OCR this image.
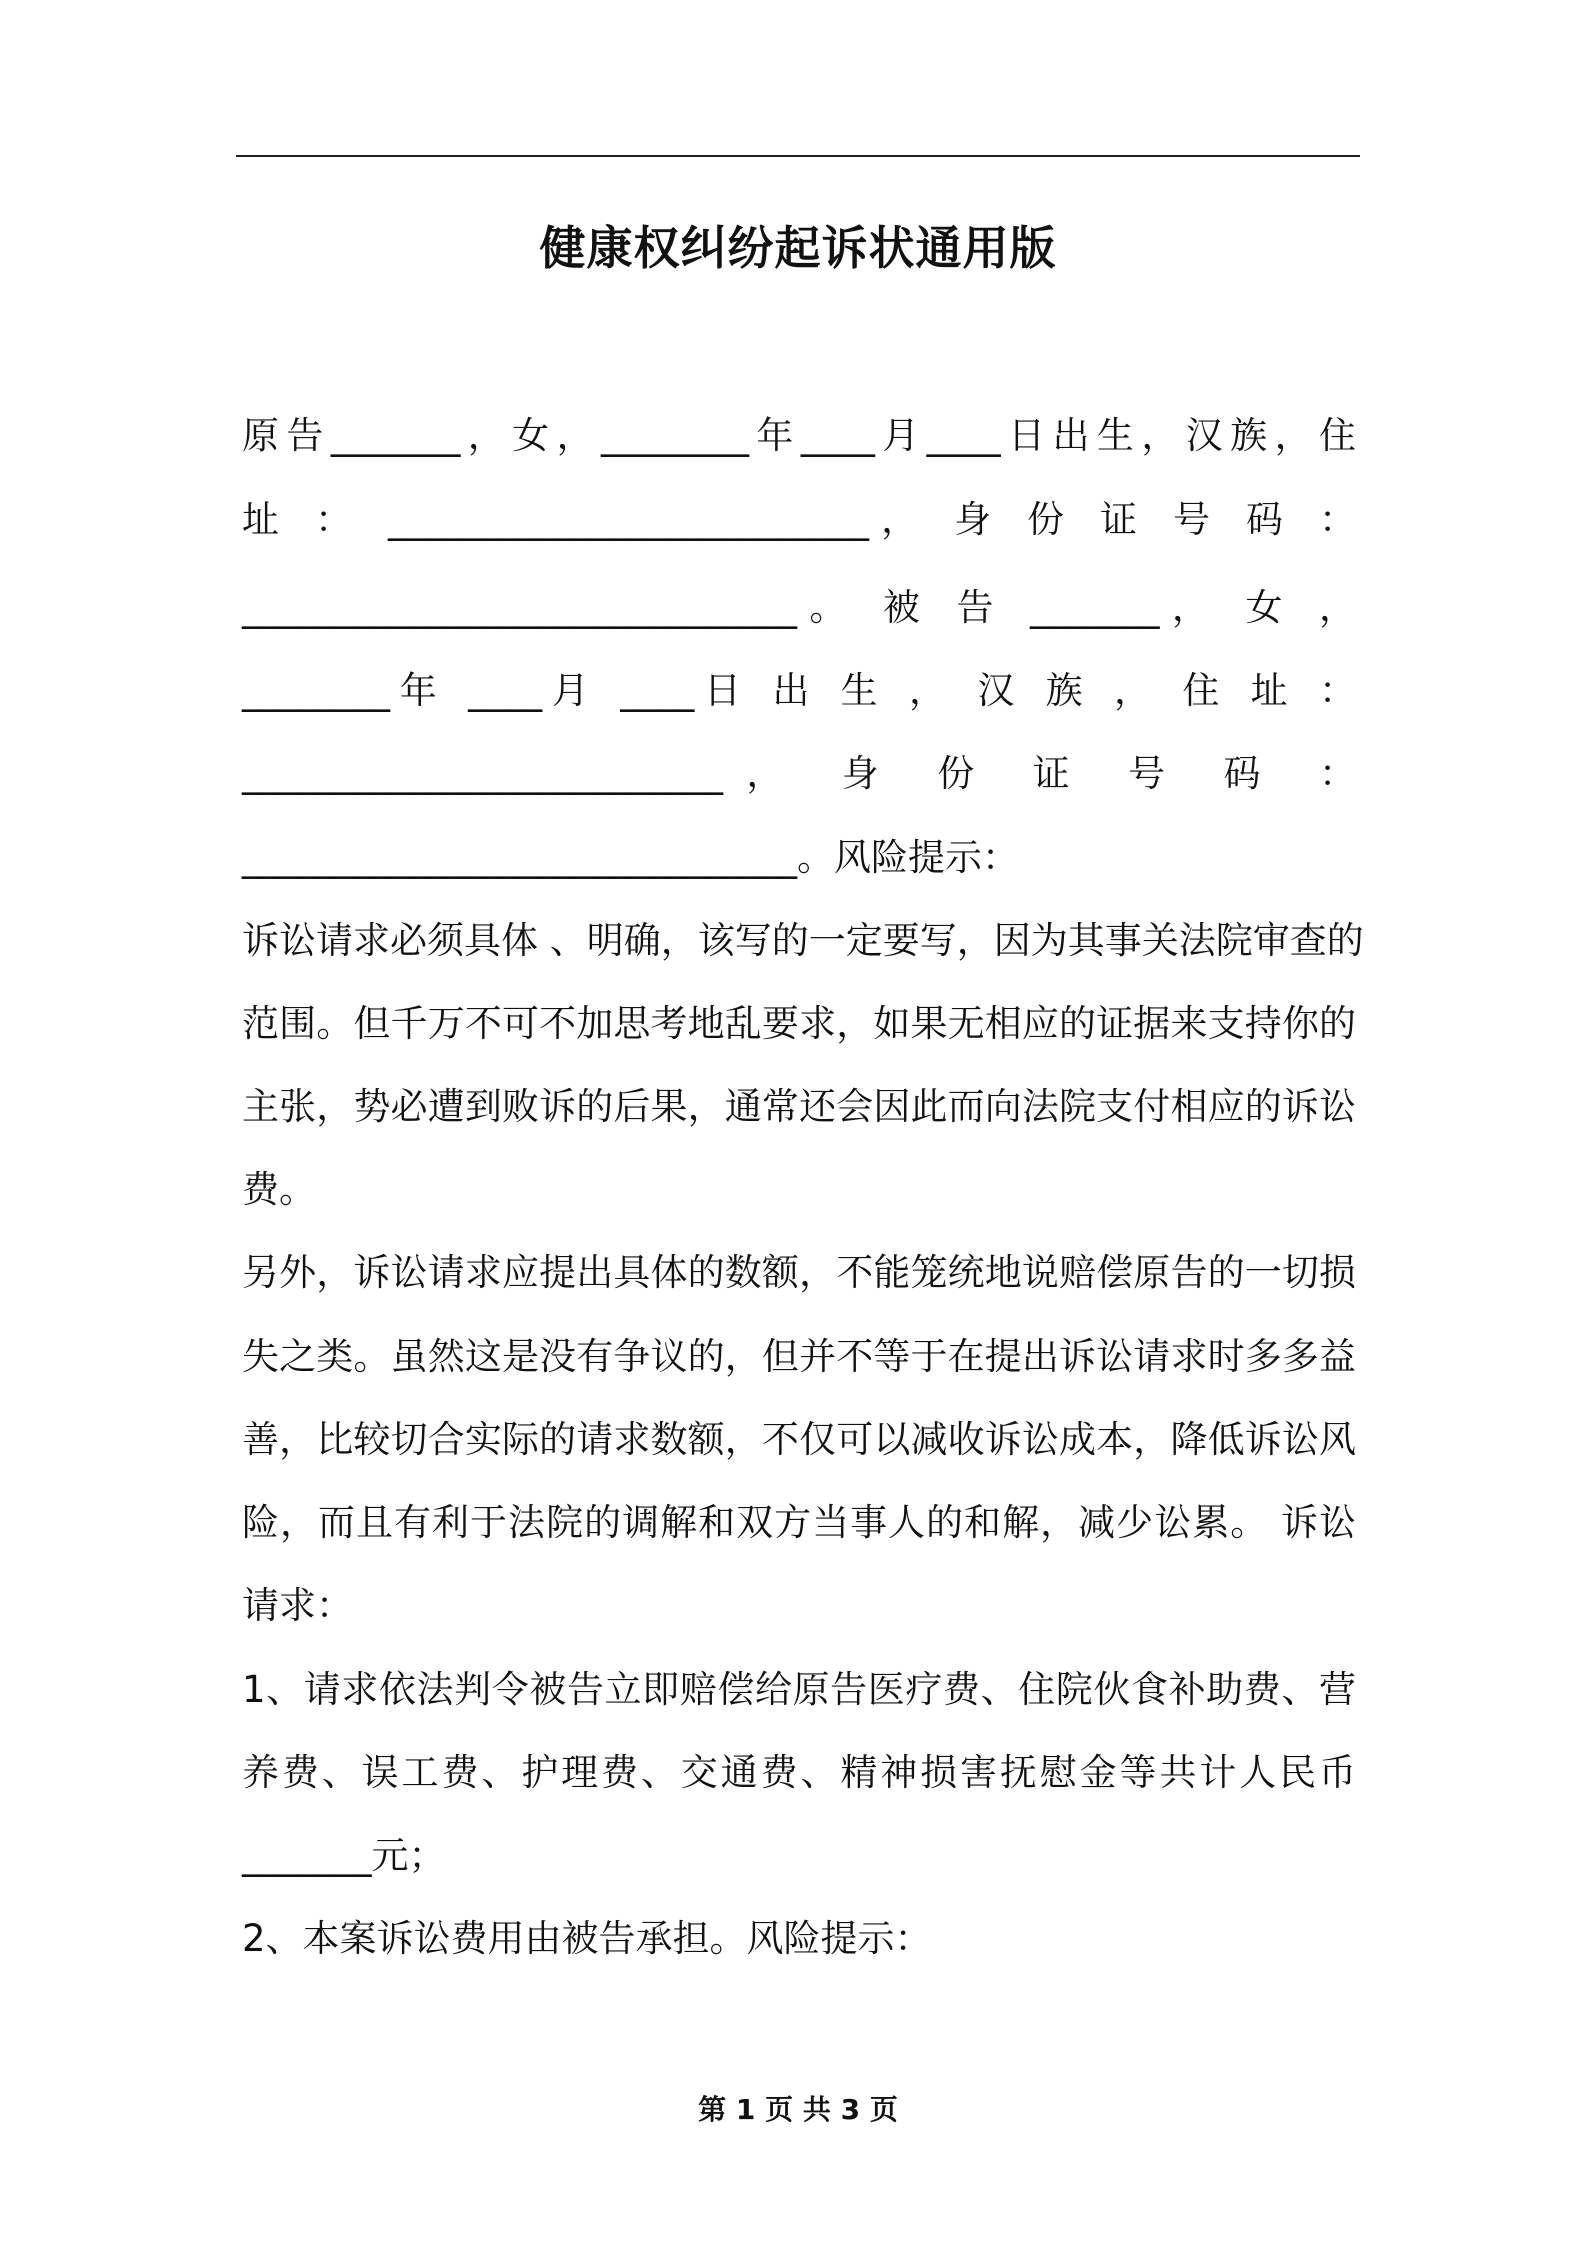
健康权纠纷起诉状通用版
原告_______，女，________年____月____日出生，汉族，住
址 ： __________________________， 身 份 证 号 码 ：
______________________________。 被 告 _______， 女 ，
________年 ____月 ____日 出 生 ， 汉 族 ， 住 址 ：
__________________________， 身 份 证 号 码 ：
______________________________。风险提示：
诉讼请求必须具体 、明确，该写的一定要写，因为其事关法院审查的
范围。但千万不可不加思考地乱要求，如果无相应的证据来支持你的
主张，势必遭到败诉的后果，通常还会因此而向法院支付相应的诉讼
费。
另外，诉讼请求应提出具体的数额，不能笼统地说赔偿原告的一切损
失之类。虽然这是没有争议的，但并不等于在提出诉讼请求时多多益
善，比较切合实际的请求数额，不仅可以减收诉讼成本，降低诉讼风
险，而且有利于法院的调解和双方当事人的和解，减少讼累。 诉讼
请求：
1、请求依法判令被告立即赔偿给原告医疗费、住院伙食补助费、营
养费、误工费、护理费、交通费、精神损害抚慰金等共计人民币
_______元；
2、本案诉讼费用由被告承担。风险提示：
第 1 页 共 3 页
